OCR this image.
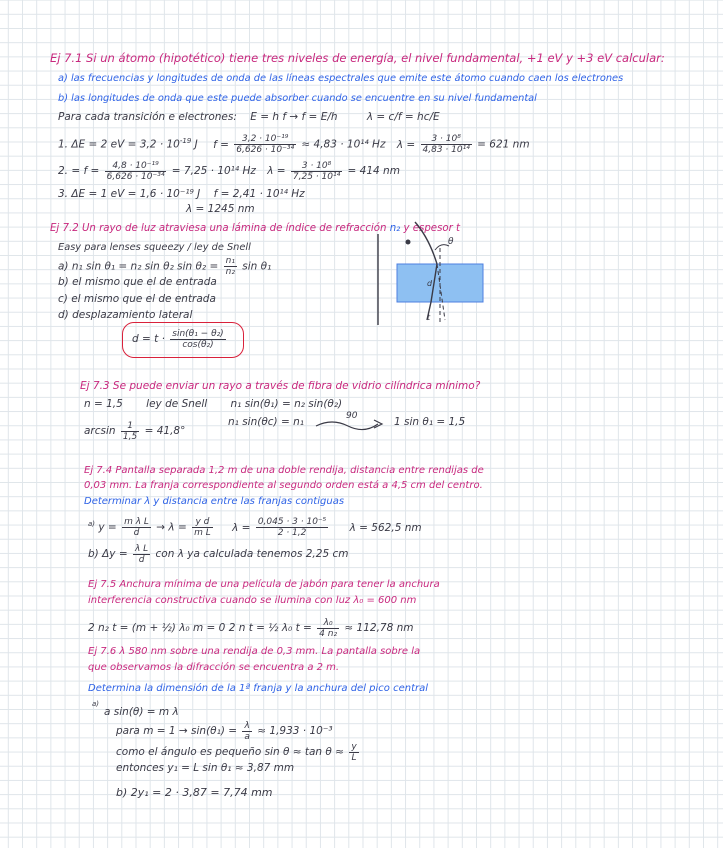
Ej 7.1 Si un átomo (hipotético) tiene tres niveles de energía, el nivel fundamental, +1 eV y +3 eV calcular:
a) las frecuencias y longitudes de onda de las líneas espectrales que emite este átomo cuando caen los electrones
b) las longitudes de onda que este puede absorber cuando se encuentre en su nivel fundamental
Para cada transición e electrones: E = h f → f = E/h	λ = c/f = hc/E
1. ΔE = 2 eV = $3,2 \cdot 10^{-19}$ J $f = \frac{\text{3,2 · 10⁻¹⁹}}{\text{6,626 · 10⁻³⁴}} \approx 4,83 \cdot 10^{14}$ Hz $\lambda = \frac{\text{3 · 10⁸}}{\text{4,83 · 10¹⁴}} = 621$ nm
2. = $f = \frac{\text{4,8 · 10⁻¹⁹}}{\text{6,626 · 10⁻³⁴}} = 7,25 \cdot 10^{14}$ Hz $\lambda = \frac{\text{3 · 10⁸}}{\text{7,25 · 10¹⁴}} = 414$ nm
3. ΔE = 1 eV = 1,6 · 10⁻¹⁹ J f = 2,41 · 10¹⁴ Hz
λ = 1245 nm
Ej 7.2 Un rayo de luz atraviesa una lámina de índice de refracción n₂ y espesor t
Easy para lenses squeezy / ley de Snell
a) n₁ sin θ₁ = n₂ sin θ₂ $\sin \theta_2 = \frac{\text{n₁}}{\text{n₂}}$ sin θ₁
b) el mismo que el de entrada
c) el mismo que el de entrada
d) desplazamiento lateral
$d = t \cdot \frac{\text{sin(θ₁ − θ₂)}}{\text{cos(θ₂)}}$
θ
d
t
Ej 7.3 Se puede enviar un rayo a través de fibra de vidrio cilíndrica mínimo?
n = 1,5 ley de Snell n₁ sin(θ₁) = n₂ sin(θ₂)
$\arcsin \frac{1}{1,5} = 41,8^\circ$
n₁ sin(θc) = n₁	90	1 sin θ₁ = 1,5
Ej 7.4 Pantalla separada 1,2 m de una doble rendija, distancia entre rendijas de
0,03 mm. La franja correspondiente al segundo orden está a 4,5 cm del centro.
Determinar λ y distancia entre las franjas contiguas
$^{a)}$ $y = \frac{\text{m λ L}}{d} \to \lambda = \frac{\text{y d}}{\text{m L}}$ $\lambda = \frac{\text{0,045 · 3 · 10⁻⁵}}{2 \cdot 1,2}$ λ = 562,5 nm
b) $\Delta y = \frac{\text{λ L}}{d}$ con λ ya calculada tenemos 2,25 cm
Ej 7.5 Anchura mínima de una película de jabón para tener la anchura
interferencia constructiva cuando se ilumina con luz λ₀ = 600 nm
2 n₂ t = (m + ½) λ₀ m = 0 2 n t = ½ λ₀ $t = \frac{\text{λ₀}}{\text{4 n₂}} \approx 112,78$ nm
Ej 7.6 λ 580 nm sobre una rendija de 0,3 mm. La pantalla sobre la
que observamos la difracción se encuentra a 2 m.
Determina la dimensión de la 1ª franja y la anchura del pico central
$^{a)}$
a sin(θ) = m λ
para $m = 1 \to \sin(\theta_1) = \frac{\lambda}{a} \approx 1,933 \cdot 10^{-3}$
como el ángulo es pequeño $\sin \theta \approx \tan \theta \approx \frac{y}{L}$
entonces y₁ = L sin θ₁ ≈ 3,87 mm
b) 2y₁ = 2 · 3,87 = 7,74 mm
